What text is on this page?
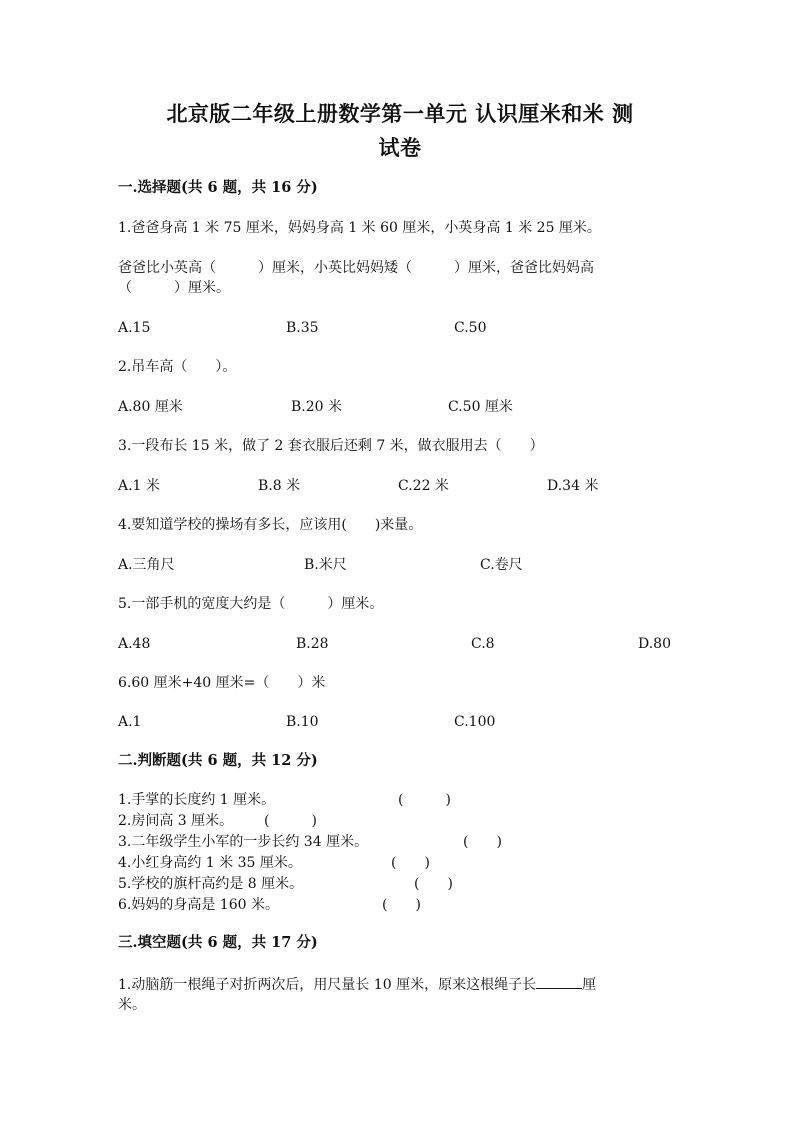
北京版二年级上册数学第一单元 认识厘米和米 测
试卷
一.选择题(共 6 题，共 16 分)
1.爸爸身高 1 米 75 厘米，妈妈身高 1 米 60 厘米，小英身高 1 米 25 厘米。
爸爸比小英高（　　　）厘米，小英比妈妈矮（　　　）厘米，爸爸比妈妈高
（　　　）厘米。
A.15	B.35	C.50
2.吊车高（　　）。
A.80 厘米	B.20 米	C.50 厘米
3.一段布长 15 米，做了 2 套衣服后还剩 7 米，做衣服用去（　　）
A.1 米	B.8 米	C.22 米	D.34 米
4.要知道学校的操场有多长，应该用(　　)来量。
A.三角尺	B.米尺	C.卷尺
5.一部手机的宽度大约是（　　　）厘米。
A.48	B.28	C.8	D.80
6.60 厘米+40 厘米=（　　）米
A.1	B.10	C.100
二.判断题(共 6 题，共 12 分)
1.手掌的长度约 1 厘米。	(　　　)
2.房间高 3 厘米。 (　　　)
3.二年级学生小军的一步长约 34 厘米。	(　　)
4.小红身高约 1 米 35 厘米。	(　　)
5.学校的旗杆高约是 8 厘米。	(　　)
6.妈妈的身高是 160 米。	(　　)
三.填空题(共 6 题，共 17 分)
1.动脑筋一根绳子对折两次后，用尺量长 10 厘米，原来这根绳子长	厘
米。
